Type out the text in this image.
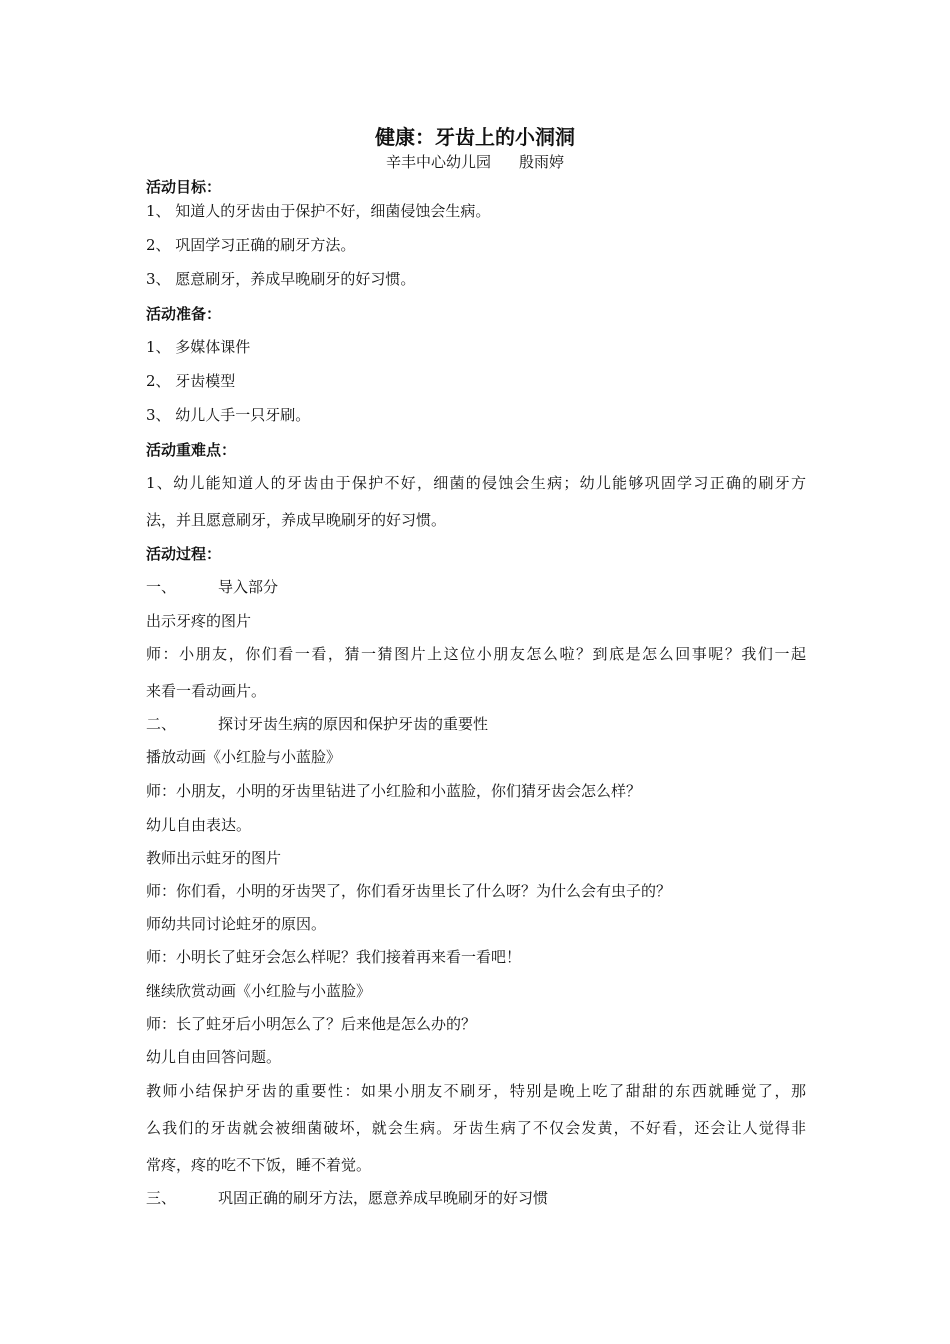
健康：牙齿上的小洞洞
辛丰中心幼儿园 殷雨婷
活动目标：
1、 知道人的牙齿由于保护不好，细菌侵蚀会生病。
2、 巩固学习正确的刷牙方法。
3、 愿意刷牙，养成早晚刷牙的好习惯。
活动准备：
1、 多媒体课件
2、 牙齿模型
3、 幼儿人手一只牙刷。
活动重难点：
1、幼儿能知道人的牙齿由于保护不好，细菌的侵蚀会生病；幼儿能够巩固学习正确的刷牙方
法，并且愿意刷牙，养成早晚刷牙的好习惯。
活动过程：
一、	导入部分
出示牙疼的图片
师：小朋友，你们看一看，猜一猜图片上这位小朋友怎么啦？到底是怎么回事呢？我们一起
来看一看动画片。
二、	探讨牙齿生病的原因和保护牙齿的重要性
播放动画《小红脸与小蓝脸》
师：小朋友，小明的牙齿里钻进了小红脸和小蓝脸，你们猜牙齿会怎么样？
幼儿自由表达。
教师出示蛀牙的图片
师：你们看，小明的牙齿哭了，你们看牙齿里长了什么呀？为什么会有虫子的？
师幼共同讨论蛀牙的原因。
师：小明长了蛀牙会怎么样呢？我们接着再来看一看吧！
继续欣赏动画《小红脸与小蓝脸》
师：长了蛀牙后小明怎么了？后来他是怎么办的？
幼儿自由回答问题。
教师小结保护牙齿的重要性：如果小朋友不刷牙，特别是晚上吃了甜甜的东西就睡觉了，那
么我们的牙齿就会被细菌破坏，就会生病。牙齿生病了不仅会发黄，不好看，还会让人觉得非
常疼，疼的吃不下饭，睡不着觉。
三、	巩固正确的刷牙方法，愿意养成早晚刷牙的好习惯
